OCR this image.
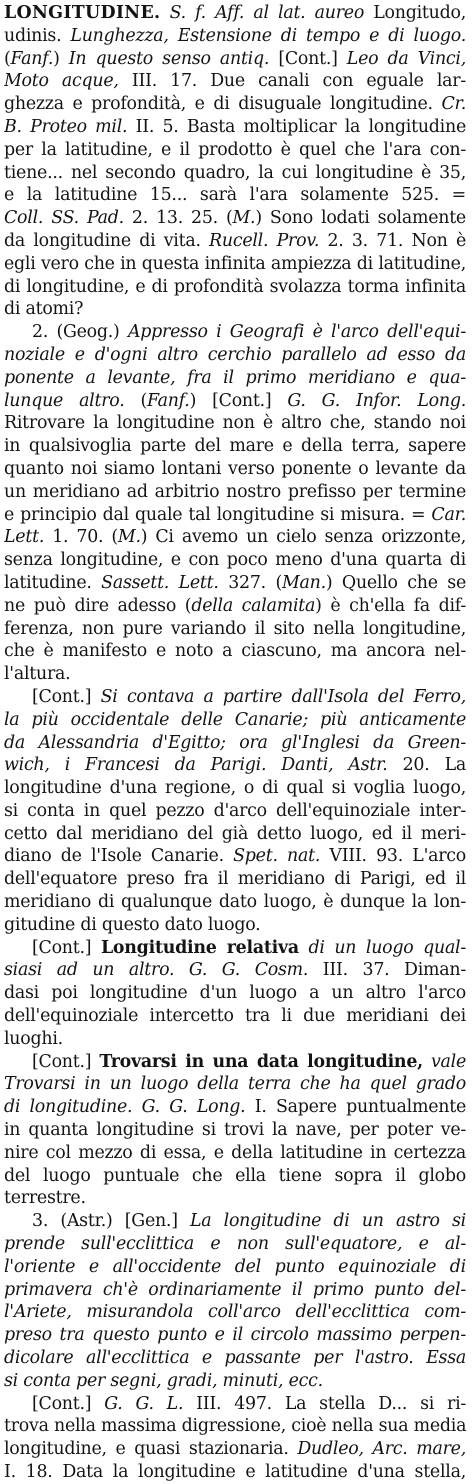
LONGITUDINE. S. f. Aff. al lat. aureo Longitudo,
udinis. Lunghezza, Estensione di tempo e di luogo.
(Fanf.) In questo senso antiq. [Cont.] Leo da Vinci,
Moto acque, III. 17. Due canali con eguale lar-
ghezza e profondità, e di disuguale longitudine. Cr.
B. Proteo mil. II. 5. Basta moltiplicar la longitudine
per la latitudine, e il prodotto è quel che l'ara con-
tiene... nel secondo quadro, la cui longitudine è 35,
e la latitudine 15... sarà l'ara solamente 525. =
Coll. SS. Pad. 2. 13. 25. (M.) Sono lodati solamente
da longitudine di vita. Rucell. Prov. 2. 3. 71. Non è
egli vero che in questa infinita ampiezza di latitudine,
di longitudine, e di profondità svolazza torma infinita
di atomi?
2. (Geog.) Appresso i Geografi è l'arco dell'equi-
noziale e d'ogni altro cerchio parallelo ad esso da
ponente a levante, fra il primo meridiano e qua-
lunque altro. (Fanf.) [Cont.] G. G. Infor. Long.
Ritrovare la longitudine non è altro che, stando noi
in qualsivoglia parte del mare e della terra, sapere
quanto noi siamo lontani verso ponente o levante da
un meridiano ad arbitrio nostro prefisso per termine
e principio dal quale tal longitudine si misura. = Car.
Lett. 1. 70. (M.) Ci avemo un cielo senza orizzonte,
senza longitudine, e con poco meno d'una quarta di
latitudine. Sassett. Lett. 327. (Man.) Quello che se
ne può dire adesso (della calamita) è ch'ella fa dif-
ferenza, non pure variando il sito nella longitudine,
che è manifesto e noto a ciascuno, ma ancora nel-
l'altura.
[Cont.] Si contava a partire dall'Isola del Ferro,
la più occidentale delle Canarie; più anticamente
da Alessandria d'Egitto; ora gl'Inglesi da Green-
wich, i Francesi da Parigi. Danti, Astr. 20. La
longitudine d'una regione, o di qual si voglia luogo,
si conta in quel pezzo d'arco dell'equinoziale inter-
cetto dal meridiano del già detto luogo, ed il meri-
diano de l'Isole Canarie. Spet. nat. VIII. 93. L'arco
dell'equatore preso fra il meridiano di Parigi, ed il
meridiano di qualunque dato luogo, è dunque la lon-
gitudine di questo dato luogo.
[Cont.] Longitudine relativa di un luogo qual-
siasi ad un altro. G. G. Cosm. III. 37. Diman-
dasi poi longitudine d'un luogo a un altro l'arco
dell'equinoziale intercetto tra li due meridiani dei
luoghi.
[Cont.] Trovarsi in una data longitudine, vale
Trovarsi in un luogo della terra che ha quel grado
di longitudine. G. G. Long. I. Sapere puntualmente
in quanta longitudine si trovi la nave, per poter ve-
nire col mezzo di essa, e della latitudine in certezza
del luogo puntuale che ella tiene sopra il globo
terrestre.
3. (Astr.) [Gen.] La longitudine di un astro si
prende sull'ecclittica e non sull'equatore, e al-
l'oriente e all'occidente del punto equinoziale di
primavera ch'è ordinariamente il primo punto del-
l'Ariete, misurandola coll'arco dell'ecclittica com-
preso tra questo punto e il circolo massimo perpen-
dicolare all'ecclittica e passante per l'astro. Essa
si conta per segni, gradi, minuti, ecc.
[Cont.] G. G. L. III. 497. La stella D... si ri-
trova nella massima digressione, cioè nella sua media
longitudine, e quasi stazionaria. Dudleo, Arc. mare,
I. 18. Data la longitudine e latitudine d'una stella,
